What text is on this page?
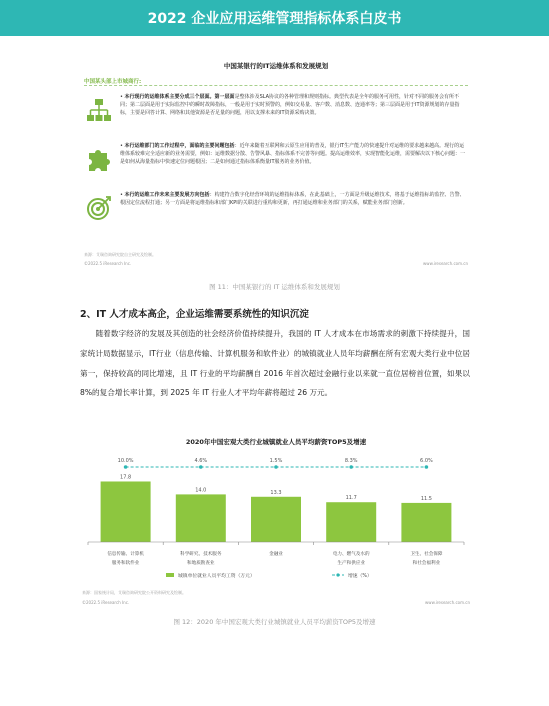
2022 企业应用运维管理指标体系白皮书
中国某银行的IT运维体系和发展规划
中国某头部上市城商行:
• 本行现行的运维体系主要分成三个层面。第一层面是整体涉及SLA协议的各种管理和规则指标。典型代表是全年的服务可用性，针对不同的服务会有所不同；第二层面是用于实际监控中的瞬时故障指标，一般是用于实时预警的，例如交易量、客户数、消息数、连通率等；第三层面是用于IT资源规划的存量指标，主要是回答计算、网络和其他资源是否足量的问题，用以支撑未来的IT资源采购决策。
• 本行运维部门的工作过程中，面临的主要问题包括：近年来随着互联网和云原生应用的普及，银行IT生产能力的快速提升对运维的要求越来越高。现行的运维体系较难完全适应新的业务需要，例如：运维数据分散、告警风暴、指标体系不完善等问题。提高运维效率，实现智能化运维，需要解决以下核心问题：一是如何从海量指标中快速定位问题根因；二是如何通过指标体系衡量IT服务的业务价值。
• 本行的运维工作未来主要发展方向包括：构建符合数字化经营环境的运维指标体系，在此基础上，一方面是升级运维技术，将基于运维指标的监控、告警、根因定位流程打通；另一方面是将运维指标和部门KPI的关联进行重构和更新，再打通运维和业务部门的关系，赋能业务部门创新。
来源：艾瑞咨询研究院自主研究及绘制。
©2022.5 iResearch Inc.	www.iresearch.com.cn
图 11：中国某银行的 IT 运维体系和发展规划
2、IT 人才成本高企，企业运维需要系统性的知识沉淀
　　随着数字经济的发展及其创造的社会经济价值持续提升，我国的 IT 人才成本在市场需求的刺激下持续提升，国家统计局数据显示，IT行业（信息传输、计算机服务和软件业）的城镇就业人员年均薪酬在所有宏观大类行业中位居第一，保持较高的同比增速，且 IT 行业的平均薪酬自 2016 年首次超过金融行业以来就一直位居榜首位置，如果以 8%的复合增长率计算，到 2025 年 IT 行业人才平均年薪将超过 26 万元。
2020年中国宏观大类行业城镇就业人员平均薪资TOP5及增速
17.8
信息传输、计算机
服务和软件业
14.0
科学研究、技术服务
和地质勘查业
13.3
金融业
11.7
电力、燃气及水的
生产和供应业
11.5
卫生、社会保障
和社会福利业
10.0%	4.6%	1.5%	8.3%	6.0%
城镇单位就业人员平均工资（万元）	增速（%）
来源：国家统计局，艾瑞咨询研究院公开资料研究及绘制。
©2022.5 iResearch Inc.	www.iresearch.com.cn
图 12：2020 年中国宏观大类行业城镇就业人员平均薪资TOP5及增速
